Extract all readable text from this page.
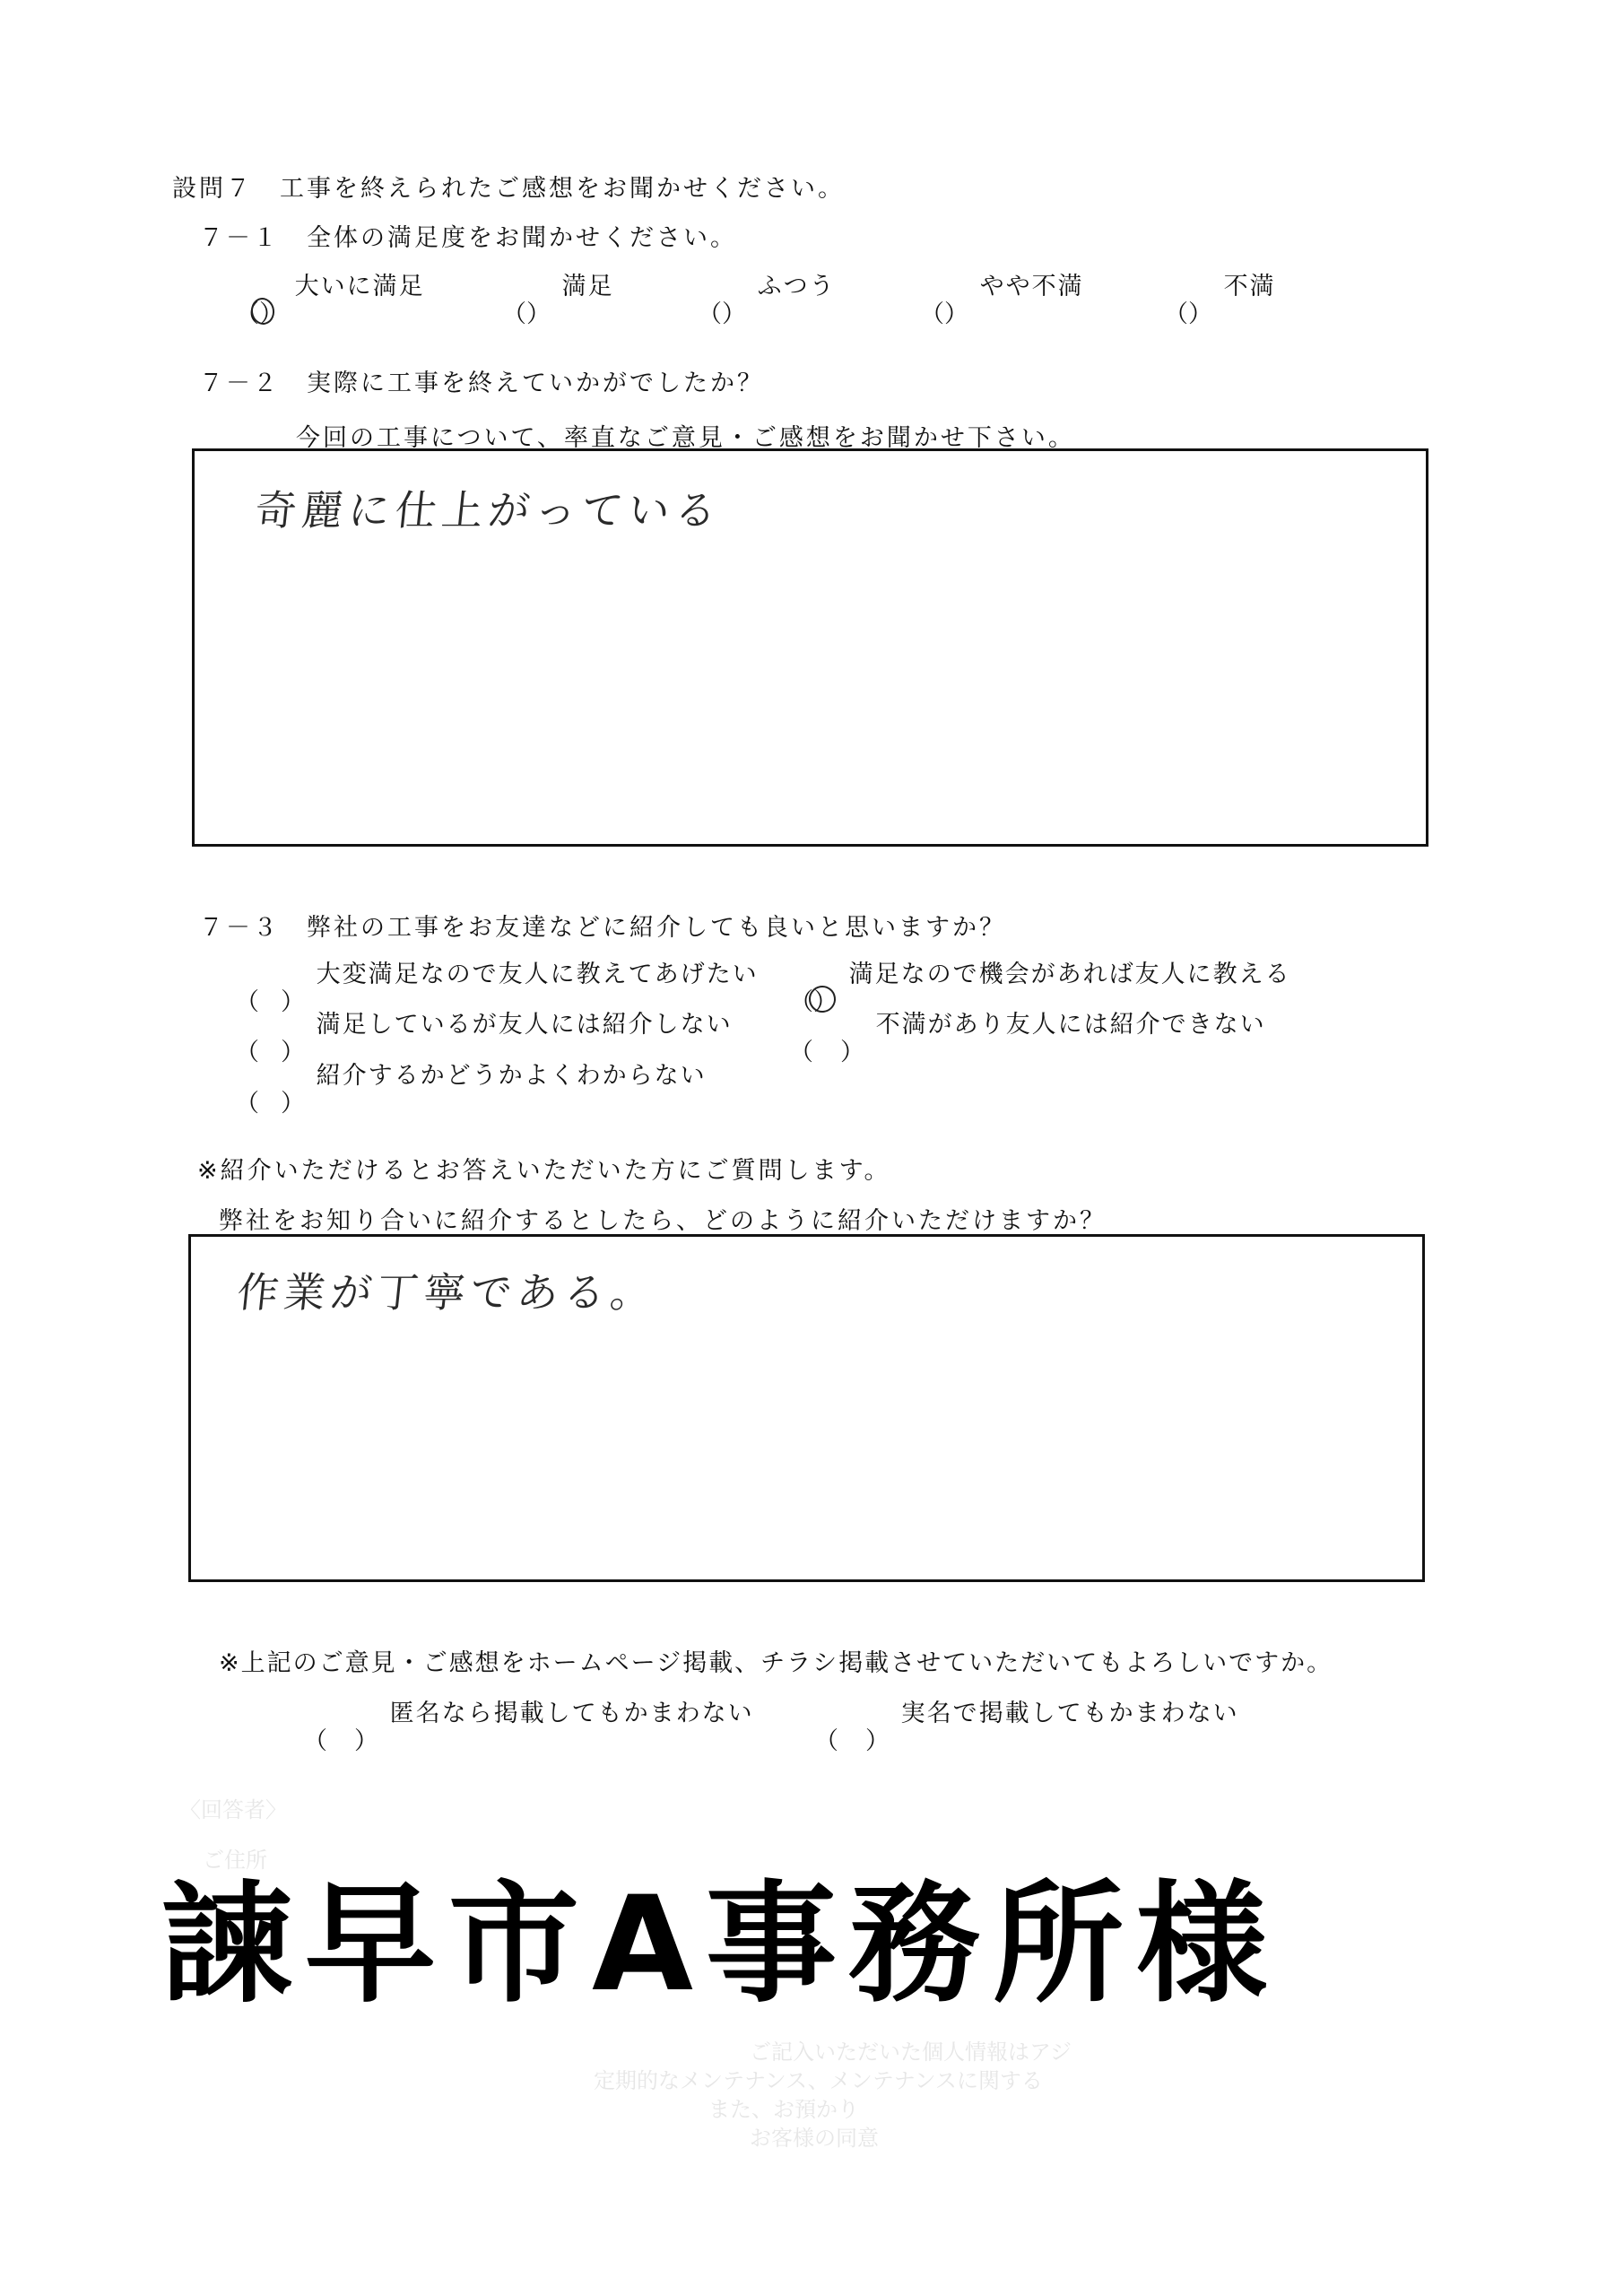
設問７　工事を終えられたご感想をお聞かせください。
７－１　全体の満足度をお聞かせください。
（
）
大いに満足
（
）
満足
（
）
ふつう
（
）
やや不満
（
）
不満
７－２　実際に工事を終えていかがでしたか？
今回の工事について、率直なご意見・ご感想をお聞かせ下さい。
奇麗に仕上がっている
７－３　弊社の工事をお友達などに紹介しても良いと思いますか？
（ ）
大変満足なので友人に教えてあげたい
（
）
満足なので機会があれば友人に教える
（ ）
満足しているが友人には紹介しない
（ ）
不満があり友人には紹介できない
（ ）
紹介するかどうかよくわからない
※紹介いただけるとお答えいただいた方にご質問します。
弊社をお知り合いに紹介するとしたら、どのように紹介いただけますか？
作業が丁寧である。
※上記のご意見・ご感想をホームページ掲載、チラシ掲載させていただいてもよろしいですか。
（ ）
匿名なら掲載してもかまわない
（ ）
実名で掲載してもかまわない
〈回答者〉
ご住所
ご記入いただいた個人情報はアジ
定期的なメンテナンス、メンテナンスに関する
また、お預かり
お客様の同意
諫早市A事務所様
